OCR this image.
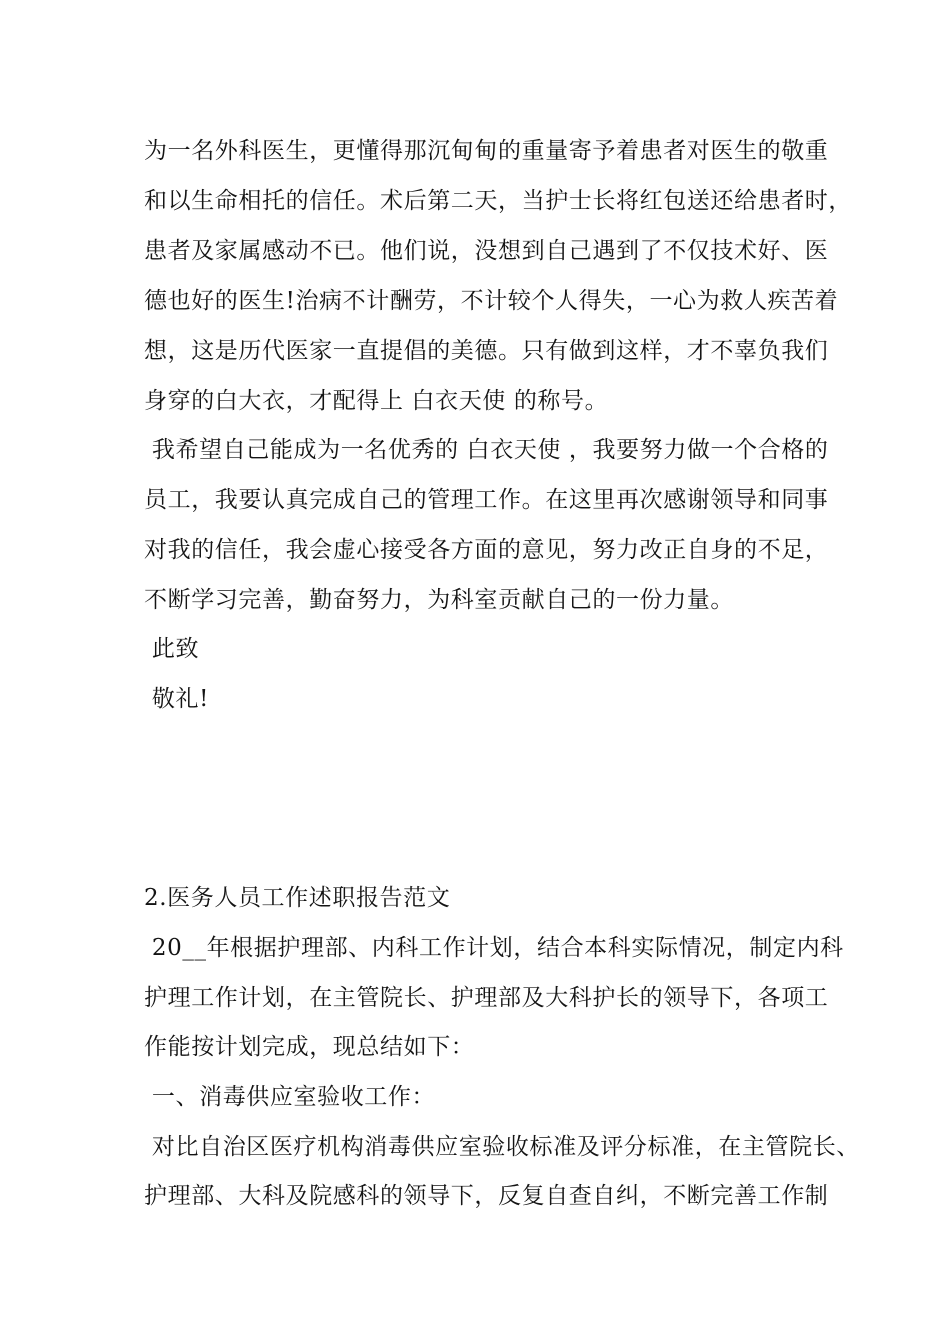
为一名外科医生，更懂得那沉甸甸的重量寄予着患者对医生的敬重
和以生命相托的信任。术后第二天，当护士长将红包送还给患者时，
患者及家属感动不已。他们说，没想到自己遇到了不仅技术好、医
德也好的医生!治病不计酬劳，不计较个人得失，一心为救人疾苦着
想，这是历代医家一直提倡的美德。只有做到这样，才不辜负我们
身穿的白大衣，才配得上 白衣天使 的称号。
我希望自己能成为一名优秀的 白衣天使 ，我要努力做一个合格的
员工，我要认真完成自己的管理工作。在这里再次感谢领导和同事
对我的信任，我会虚心接受各方面的意见，努力改正自身的不足，
不断学习完善，勤奋努力，为科室贡献自己的一份力量。
此致
敬礼!
2.医务人员工作述职报告范文
20__年根据护理部、内科工作计划，结合本科实际情况，制定内科
护理工作计划，在主管院长、护理部及大科护长的领导下，各项工
作能按计划完成，现总结如下：
一、消毒供应室验收工作：
对比自治区医疗机构消毒供应室验收标准及评分标准，在主管院长、
护理部、大科及院感科的领导下，反复自查自纠，不断完善工作制
